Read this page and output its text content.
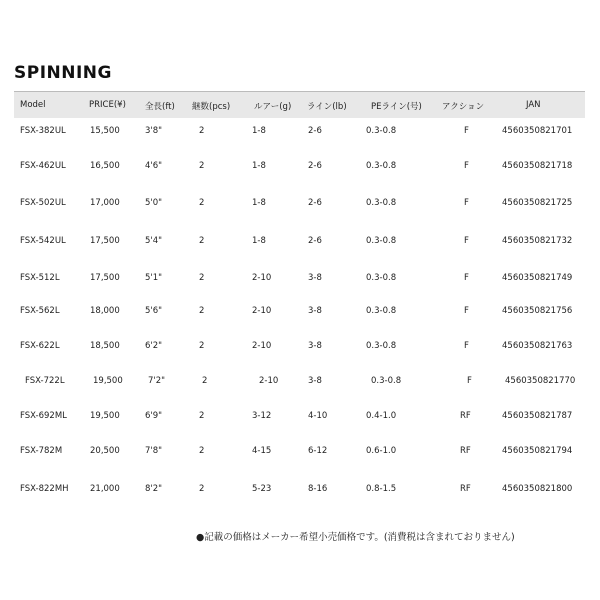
SPINNING
Model	PRICE(¥) 全長(ft) 継数(pcs)	ルアー(g) ライン(lb)	PEライン(号) アクション	JAN
FSX-382UL	15,500	3'8"	2	1-8	2-6	0.3-0.8	F	4560350821701
FSX-462UL	16,500	4'6"	2	1-8	2-6	0.3-0.8	F	4560350821718
FSX-502UL	17,000	5'0"	2	1-8	2-6	0.3-0.8	F	4560350821725
FSX-542UL	17,500	5'4"	2	1-8	2-6	0.3-0.8	F	4560350821732
FSX-512L	17,500	5'1"	2	2-10	3-8	0.3-0.8	F	4560350821749
FSX-562L	18,000	5'6"	2	2-10	3-8	0.3-0.8	F	4560350821756
FSX-622L	18,500	6'2"	2	2-10	3-8	0.3-0.8	F	4560350821763
FSX-722L	19,500	7'2"	2	2-10	3-8	0.3-0.8	F	4560350821770
FSX-692ML	19,500	6'9"	2	3-12	4-10	0.4-1.0	RF	4560350821787
FSX-782M	20,500	7'8"	2	4-15	6-12	0.6-1.0	RF	4560350821794
FSX-822MH	21,000	8'2"	2	5-23	8-16	0.8-1.5	RF	4560350821800
●記載の価格はメーカー希望小売価格です。(消費税は含まれておりません)
